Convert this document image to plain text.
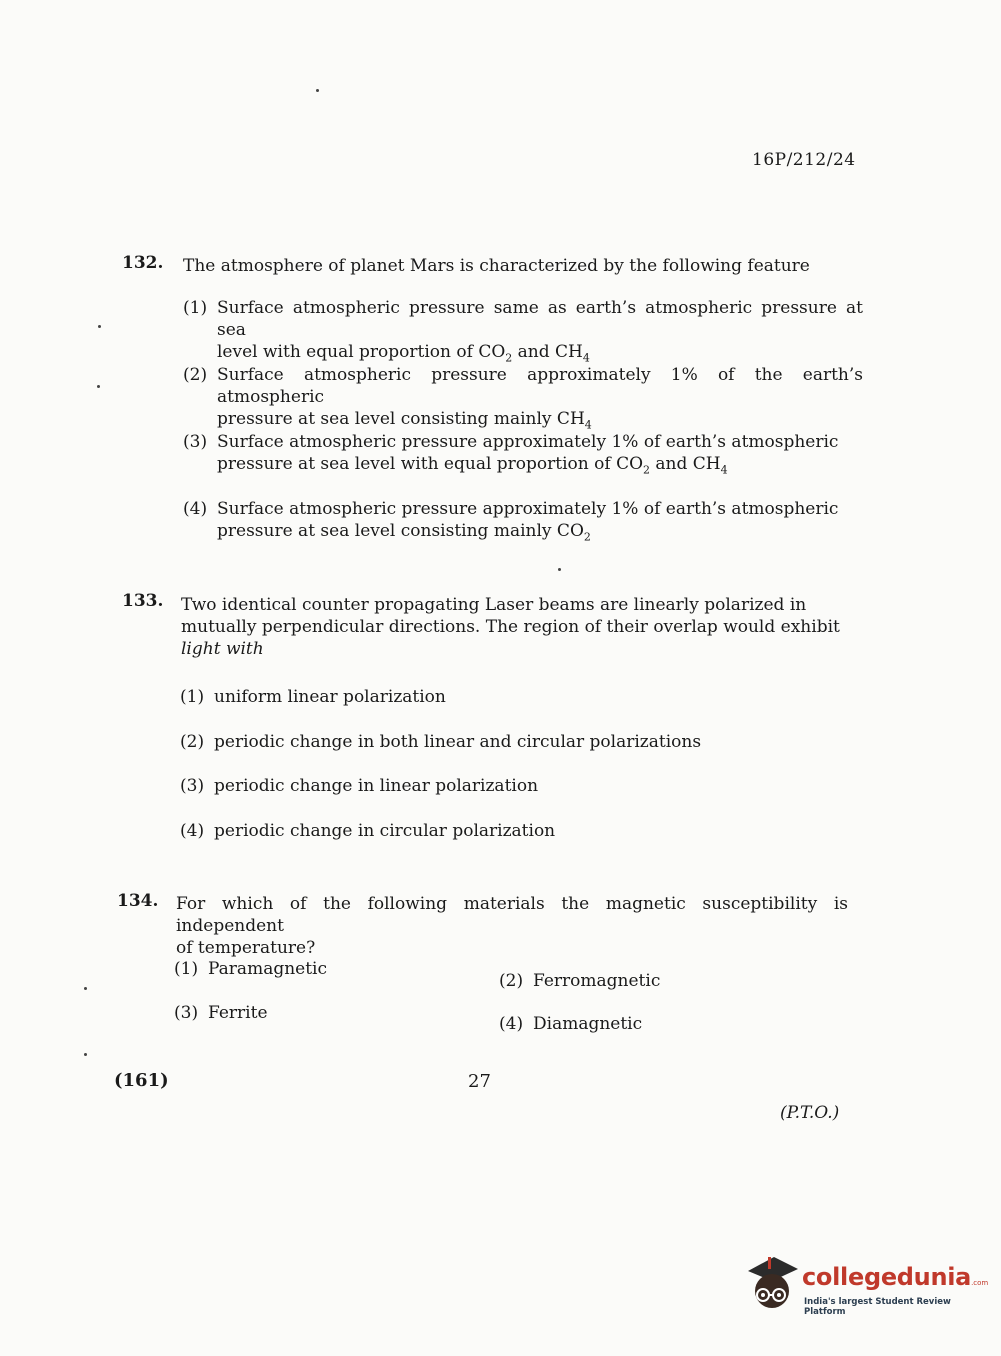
16P/212/24
132. The atmosphere of planet Mars is characterized by the following feature
(1) Surface atmospheric pressure same as earth’s atmospheric pressure at sea
level with equal proportion of $CO_2$ and $CH_4$
(2) Surface atmospheric pressure approximately 1% of the earth’s atmospheric
pressure at sea level consisting mainly $CH_4$
(3) Surface atmospheric pressure approximately 1% of earth’s atmospheric
pressure at sea level with equal proportion of $CO_2$ and $CH_4$
(4) Surface atmospheric pressure approximately 1% of earth’s atmospheric
pressure at sea level consisting mainly $CO_2$
133. Two identical counter propagating Laser beams are linearly polarized in
mutually perpendicular directions. The region of their overlap would exhibit
light with
(1) uniform linear polarization
(2) periodic change in both linear and circular polarizations
(3) periodic change in linear polarization
(4) periodic change in circular polarization
134. For which of the following materials the magnetic susceptibility is independent
of temperature?
(1) Paramagnetic
(2) Ferromagnetic
(3) Ferrite
(4) Diamagnetic
(161)	27
(P.T.O.)
collegedunia.com
India's largest Student Review Platform
